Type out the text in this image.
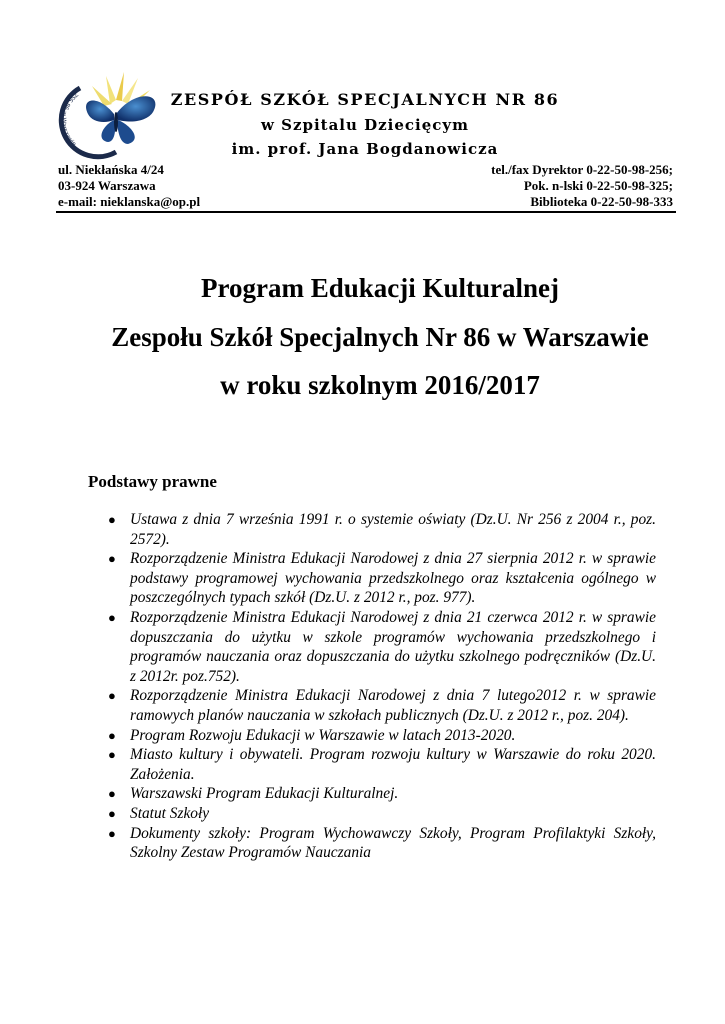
ZSS 86 w Warszawie
ZESPÓŁ SZKÓŁ SPECJALNYCH NR 86
w Szpitalu Dziecięcym
im. prof. Jana Bogdanowicza
ul. Niekłańska 4/24
03-924 Warszawa
e-mail: nieklanska@op.pl
tel./fax Dyrektor 0-22-50-98-256;
Pok. n-lski 0-22-50-98-325;
Biblioteka 0-22-50-98-333
Program Edukacji Kulturalnej
Zespołu Szkół Specjalnych Nr 86 w Warszawie
w roku szkolnym 2016/2017
Podstawy prawne
● Ustawa z dnia 7 września 1991 r. o systemie oświaty (Dz.U. Nr 256 z 2004 r., poz. 2572).
● Rozporządzenie Ministra Edukacji Narodowej z dnia 27 sierpnia 2012 r. w sprawie podstawy programowej wychowania przedszkolnego oraz kształcenia ogólnego w poszczególnych typach szkół (Dz.U. z 2012 r., poz. 977).
● Rozporządzenie Ministra Edukacji Narodowej z dnia 21 czerwca 2012 r. w sprawie dopuszczania do użytku w szkole programów wychowania przedszkolnego i programów nauczania oraz dopuszczania do użytku szkolnego podręczników (Dz.U. z 2012r. poz.752).
● Rozporządzenie Ministra Edukacji Narodowej z dnia 7 lutego2012 r. w sprawie ramowych planów nauczania w szkołach publicznych (Dz.U. z 2012 r., poz. 204).
● Program Rozwoju Edukacji w Warszawie w latach 2013-2020.
● Miasto kultury i obywateli. Program rozwoju kultury w Warszawie do roku 2020. Założenia.
● Warszawski Program Edukacji Kulturalnej.
● Statut Szkoły
● Dokumenty szkoły: Program Wychowawczy Szkoły, Program Profilaktyki Szkoły, Szkolny Zestaw Programów Nauczania
